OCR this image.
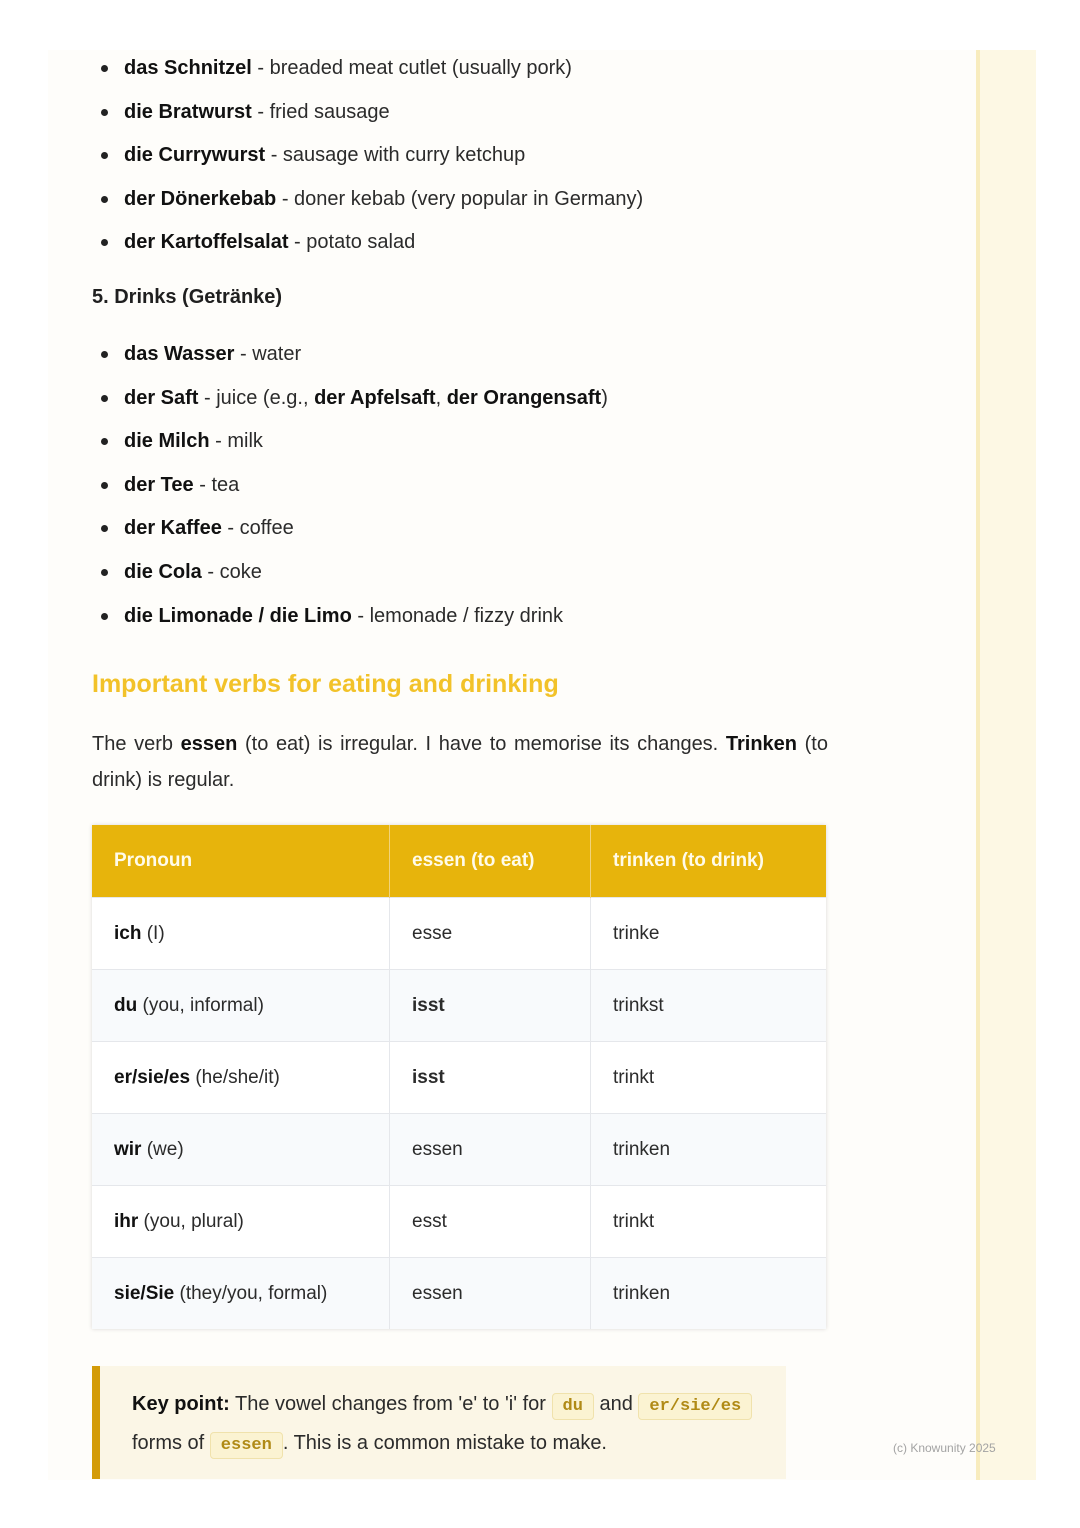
das Schnitzel - breaded meat cutlet (usually pork)
die Bratwurst - fried sausage
die Currywurst - sausage with curry ketchup
der Dönerkebab - doner kebab (very popular in Germany)
der Kartoffelsalat - potato salad
5. Drinks (Getränke)
das Wasser - water
der Saft - juice (e.g., der Apfelsaft, der Orangensaft)
die Milch - milk
der Tee - tea
der Kaffee - coffee
die Cola - coke
die Limonade / die Limo - lemonade / fizzy drink
Important verbs for eating and drinking

The verb essen (to eat) is irregular. I have to memorise its changes. Trinken (to drink) is regular.

Pronoun	essen (to eat)	trinken (to drink)
ich (I)	esse	trinke
du (you, informal)	isst	trinkst
er/sie/es (he/she/it)	isst	trinkt
wir (we)	essen	trinken
ihr (you, plural)	esst	trinkt
sie/Sie (they/you, formal)	essen	trinken
Key point: The vowel changes from 'e' to 'i' for du and er/sie/es
forms of essen . This is a common mistake to make.	(c) Knowunity 2025
